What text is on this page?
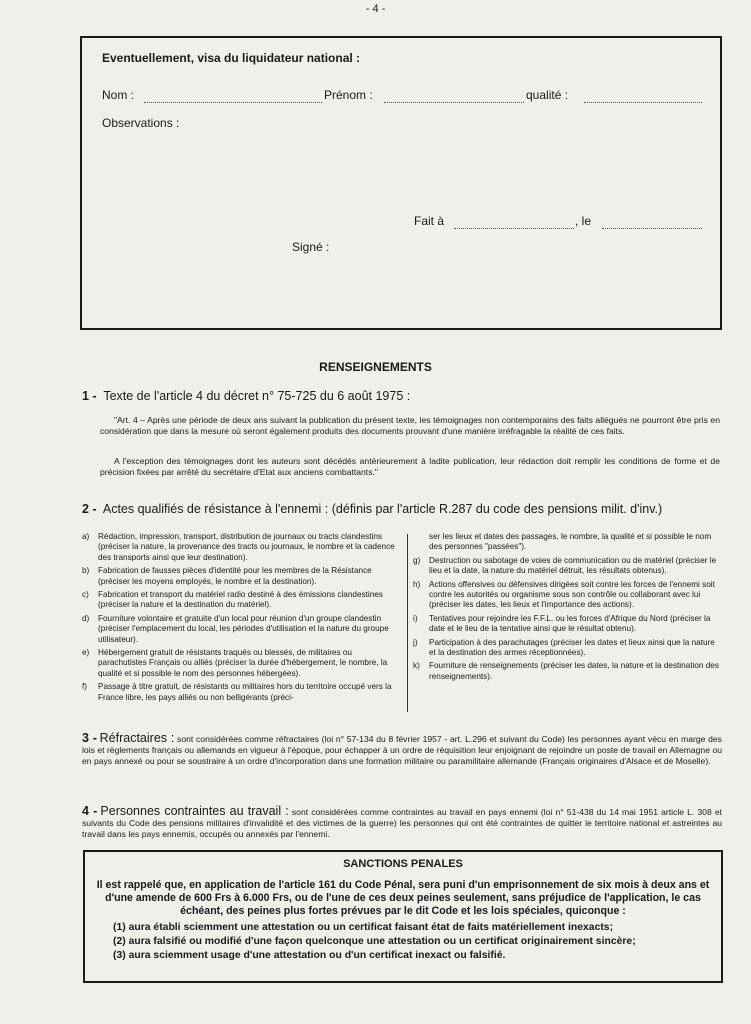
- 4 -
Eventuellement, visa du liquidateur national :
Nom :	Prénom :	qualité :
Observations :
Fait à	, le
Signé :
RENSEIGNEMENTS
1 - Texte de l'article 4 du décret n° 75-725 du 6 août 1975 :
"Art. 4 – Après une période de deux ans suivant la publication du présent texte, les témoignages non contemporains des faits allégués ne pourront être pris en considération que dans la mesure où seront également produits des documents prouvant d'une manière irréfragable la réalité de ces faits.
A l'exception des témoignages dont les auteurs sont décédés antérieurement à ladite publication, leur rédaction doit remplir les conditions de forme et de précision fixées par arrêté du secrétaire d'Etat aux anciens combattants."
2 - Actes qualifiés de résistance à l'ennemi : (définis par l'article R.287 du code des pensions milit. d'inv.)
a)	Rédaction, impression, transport, distribution de journaux ou tracts clandestins (préciser la nature, la provenance des tracts ou journaux, le nombre et la cadence des transports ainsi que leur destination).
b)	Fabrication de fausses pièces d'identité pour les membres de la Résistance (préciser les moyens employés, le nombre et la destination).
c)	Fabrication et transport du matériel radio destiné à des émissions clandestines (préciser la nature et la destination du matériel).
d)	Fourniture volontaire et gratuite d'un local pour réunion d'un groupe clandestin (préciser l'emplacement du local, les périodes d'utilisation et la nature du groupe utilisateur).
e)	Hébergement gratuit de résistants traqués ou blessés, de militaires ou parachutistes Français ou alliés (préciser la durée d'hébergement, le nombre, la qualité et si possible le nom des personnes hébergées).
f)	Passage à titre gratuit, de résistants ou militaires hors du territoire occupé vers la France libre, les pays alliés ou non belligérants (préci-
ser les lieux et dates des passages, le nombre, la qualité et si possible le nom des personnes "passées").
g)	Destruction ou sabotage de voies de communication ou de matériel (préciser le lieu et la date, la nature du matériel détruit, les résultats obtenus).
h)	Actions offensives ou défensives dirigées soit contre les forces de l'ennemi soit contre les autorités ou organisme sous son contrôle ou collaborant avec lui (préciser les dates, les lieux et l'importance des actions).
i)	Tentatives pour rejoindre les F.F.L. ou les forces d'Afrique du Nord (préciser la date et le lieu de la tentative ainsi que le résultat obtenu).
j)	Participation à des parachutages (préciser les dates et lieux ainsi que la nature et la destination des armes réceptionnées).
k)	Fourniture de renseignements (préciser les dates, la nature et la destination des renseignements).
3 - Réfractaires : sont considérées comme réfractaires (loi n° 57-134 du 8 février 1957 - art. L.296 et suivant du Code) les personnes ayant vécu en marge des lois et règlements français ou allemands en vigueur à l'époque, pour échapper à un ordre de réquisition leur enjoignant de rejoindre un poste de travail en Allemagne ou en pays annexé ou pour se soustraire à un ordre d'incorporation dans une formation militaire ou paramilitaire allemande (Français originaires d'Alsace et de Moselle).
4 - Personnes contraintes au travail : sont considérées comme contraintes au travail en pays ennemi (loi n° 51-438 du 14 mai 1951 article L. 308 et suivants du Code des pensions militaires d'invalidité et des victimes de la guerre) les personnes qui ont été contraintes de quitter le territoire national et astreintes au travail dans les pays ennemis, occupés ou annexés par l'ennemi.
SANCTIONS PENALES
Il est rappelé que, en application de l'article 161 du Code Pénal, sera puni d'un emprisonnement de six mois à deux ans et d'une amende de 600 Frs à 6.000 Frs, ou de l'une de ces deux peines seulement, sans préjudice de l'application, le cas échéant, des peines plus fortes prévues par le dit Code et les lois spéciales, quiconque :
(1) aura établi sciemment une attestation ou un certificat faisant état de faits matériellement inexacts;
(2) aura falsifié ou modifié d'une façon quelconque une attestation ou un certificat originairement sincère;
(3) aura sciemment usage d'une attestation ou d'un certificat inexact ou falsifié.
